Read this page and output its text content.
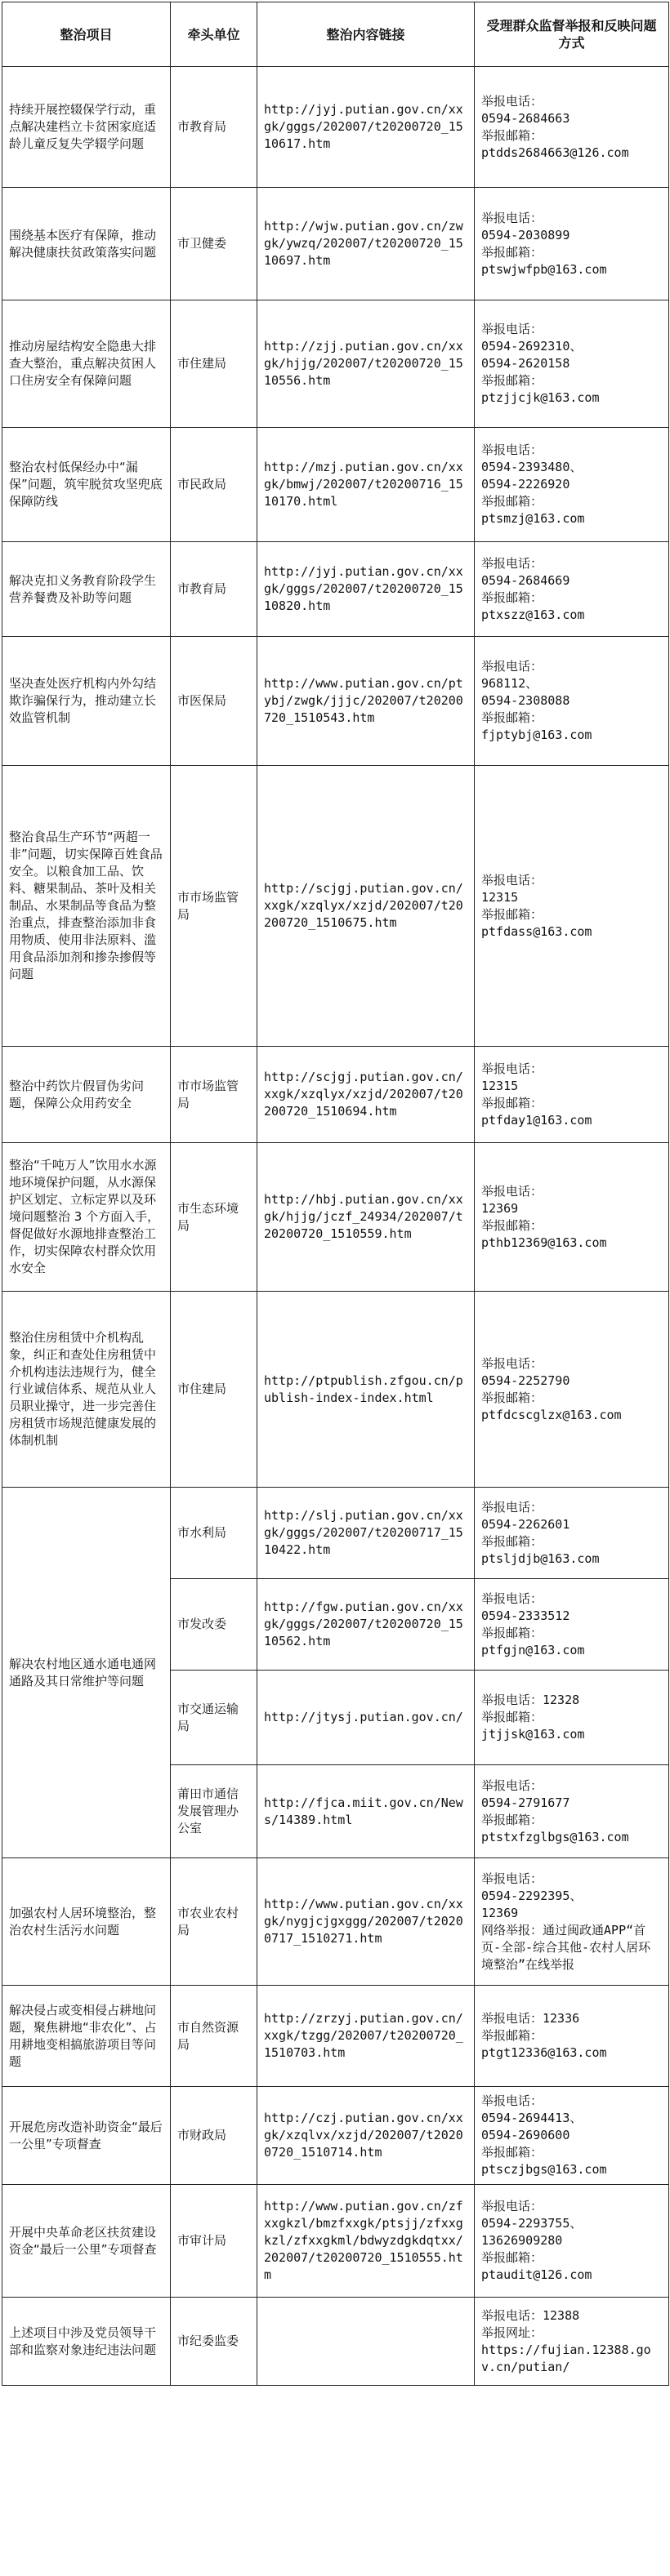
整治项目	牵头单位	整治内容链接	受理群众监督举报和反映问题方式
持续开展控辍保学行动，重点解决建档立卡贫困家庭适龄儿童反复失学辍学问题	市教育局	http://jyj.putian.gov.cn/xxgk/gggs/202007/t20200720_1510617.htm	举报电话：
0594-2684663
举报邮箱：
ptdds2684663@126.com

围绕基本医疗有保障，推动解决健康扶贫政策落实问题	市卫健委	http://wjw.putian.gov.cn/zwgk/ywzq/202007/t20200720_1510697.htm	举报电话：
0594-2030899
举报邮箱：
ptswjwfpb@163.com

推动房屋结构安全隐患大排查大整治，重点解决贫困人口住房安全有保障问题	市住建局	http://zjj.putian.gov.cn/xxgk/hjjg/202007/t20200720_1510556.htm	举报电话：
0594-2692310、
0594-2620158
举报邮箱：
ptzjjcjk@163.com

整治农村低保经办中“漏保”问题，筑牢脱贫攻坚兜底保障防线	市民政局	http://mzj.putian.gov.cn/xxgk/bmwj/202007/t20200716_1510170.html	举报电话：
0594-2393480、
0594-2226920
举报邮箱：
ptsmzj@163.com

解决克扣义务教育阶段学生营养餐费及补助等问题	市教育局	http://jyj.putian.gov.cn/xxgk/gggs/202007/t20200720_1510820.htm	举报电话：
0594-2684669
举报邮箱：
ptxszz@163.com

坚决查处医疗机构内外勾结欺诈骗保行为，推动建立长效监管机制	市医保局	http://www.putian.gov.cn/ptybj/zwgk/jjjc/202007/t20200720_1510543.htm	举报电话：
968112、
0594-2308088
举报邮箱：
fjptybj@163.com

整治食品生产环节“两超一非”问题，切实保障百姓食品安全。以粮食加工品、饮料、糖果制品、茶叶及相关制品、水果制品等食品为整治重点，排查整治添加非食用物质、使用非法原料、滥用食品添加剂和掺杂掺假等问题	市市场监管局	http://scjgj.putian.gov.cn/xxgk/xzqlyx/xzjd/202007/t20200720_1510675.htm	举报电话：
12315
举报邮箱：
ptfdass@163.com

整治中药饮片假冒伪劣问题，保障公众用药安全	市市场监管局	http://scjgj.putian.gov.cn/xxgk/xzqlyx/xzjd/202007/t20200720_1510694.htm	举报电话：
12315
举报邮箱：
ptfday1@163.com

整治“千吨万人”饮用水水源地环境保护问题，从水源保护区划定、立标定界以及环境问题整治 3 个方面入手，督促做好水源地排查整治工作，切实保障农村群众饮用水安全	市生态环境局	http://hbj.putian.gov.cn/xxgk/hjjg/jczf_24934/202007/t20200720_1510559.htm	举报电话：
12369
举报邮箱：
pthb12369@163.com

整治住房租赁中介机构乱象，纠正和查处住房租赁中介机构违法违规行为，健全行业诚信体系、规范从业人员职业操守，进一步完善住房租赁市场规范健康发展的体制机制	市住建局	http://ptpublish.zfgou.cn/publish-index-index.html	举报电话：
0594-2252790
举报邮箱：
ptfdcscglzx@163.com

解决农村地区通水通电通网通路及其日常维护等问题	市水利局	http://slj.putian.gov.cn/xxgk/gggs/202007/t20200717_1510422.htm	举报电话：
0594-2262601
举报邮箱：
ptsljdjb@163.com

	市发改委	http://fgw.putian.gov.cn/xxgk/gggs/202007/t20200720_1510562.htm	举报电话：
0594-2333512
举报邮箱：
ptfgjn@163.com

	市交通运输局	http://jtysj.putian.gov.cn/	举报电话：12328
举报邮箱：
jtjjsk@163.com

	莆田市通信发展管理办公室	http://fjca.miit.gov.cn/News/14389.html	举报电话：
0594-2791677
举报邮箱：
ptstxfzglbgs@163.com

加强农村人居环境整治，整治农村生活污水问题	市农业农村局	http://www.putian.gov.cn/xxgk/nygjcjgxggg/202007/t20200717_1510271.htm	举报电话：
0594-2292395、
12369
网络举报：通过闽政通APP“首页-全部-综合其他-农村人居环境整治”在线举报

解决侵占或变相侵占耕地问题，聚焦耕地“非农化”、占用耕地变相搞旅游项目等问题	市自然资源局	http://zrzyj.putian.gov.cn/xxgk/tzgg/202007/t20200720_1510703.htm	举报电话：12336
举报邮箱：
ptgt12336@163.com

开展危房改造补助资金“最后一公里”专项督查	市财政局	http://czj.putian.gov.cn/xxgk/xzqlvx/xzjd/202007/t20200720_1510714.htm	举报电话：
0594-2694413、
0594-2690600
举报邮箱：
ptsczjbgs@163.com

开展中央革命老区扶贫建设资金“最后一公里”专项督查	市审计局	http://www.putian.gov.cn/zfxxgkzl/bmzfxxgk/ptsjj/zfxxgkzl/zfxxgkml/bdwyzdgkdqtxx/202007/t20200720_1510555.htm	举报电话：
0594-2293755、
13626909280
举报邮箱：
ptaudit@126.com

上述项目中涉及党员领导干部和监察对象违纪违法问题	市纪委监委		举报电话：12388
举报网址：
https://fujian.12388.gov.cn/putian/
